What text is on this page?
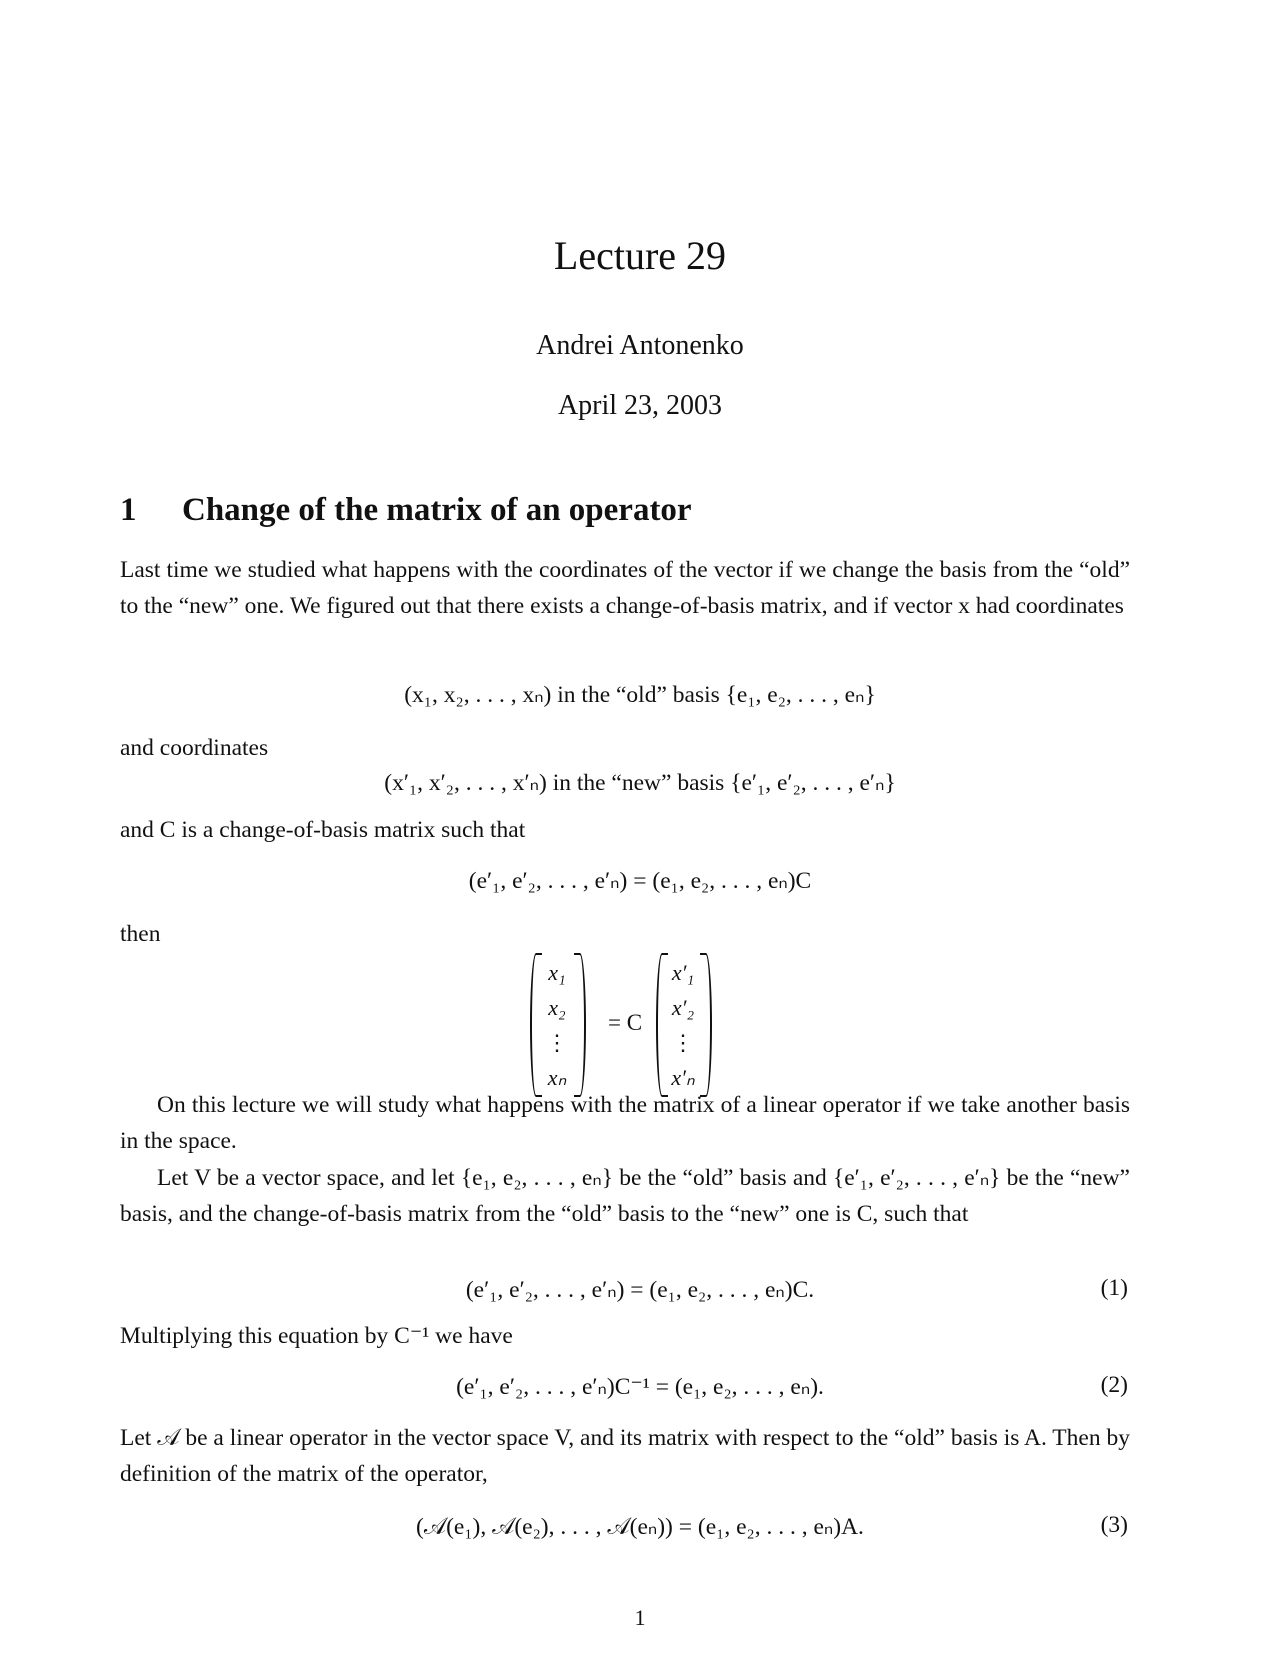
Lecture 29
Andrei Antonenko
April 23, 2003
1 Change of the matrix of an operator
Last time we studied what happens with the coordinates of the vector if we change the basis from the “old” to the “new” one. We figured out that there exists a change-of-basis matrix, and if vector x had coordinates
(x₁, x₂, . . . , xₙ) in the “old” basis {e₁, e₂, . . . , eₙ}
and coordinates
(x′₁, x′₂, . . . , x′ₙ) in the “new” basis {e′₁, e′₂, . . . , e′ₙ}
and C is a change-of-basis matrix such that
(e′₁, e′₂, . . . , e′ₙ) = (e₁, e₂, . . . , eₙ)C
then
x₁
x₂
⋮
xₙ
= C
x′₁
x′₂
⋮
x′ₙ
On this lecture we will study what happens with the matrix of a linear operator if we take another basis in the space.
Let V be a vector space, and let {e₁, e₂, . . . , eₙ} be the “old” basis and {e′₁, e′₂, . . . , e′ₙ} be the “new” basis, and the change-of-basis matrix from the “old” basis to the “new” one is C, such that
(e′₁, e′₂, . . . , e′ₙ) = (e₁, e₂, . . . , eₙ)C.	(1)
Multiplying this equation by C⁻¹ we have
(e′₁, e′₂, . . . , e′ₙ)C⁻¹ = (e₁, e₂, . . . , eₙ).	(2)
Let 𝒜 be a linear operator in the vector space V, and its matrix with respect to the “old” basis is A. Then by definition of the matrix of the operator,
(𝒜(e₁), 𝒜(e₂), . . . , 𝒜(eₙ)) = (e₁, e₂, . . . , eₙ)A.	(3)
1
